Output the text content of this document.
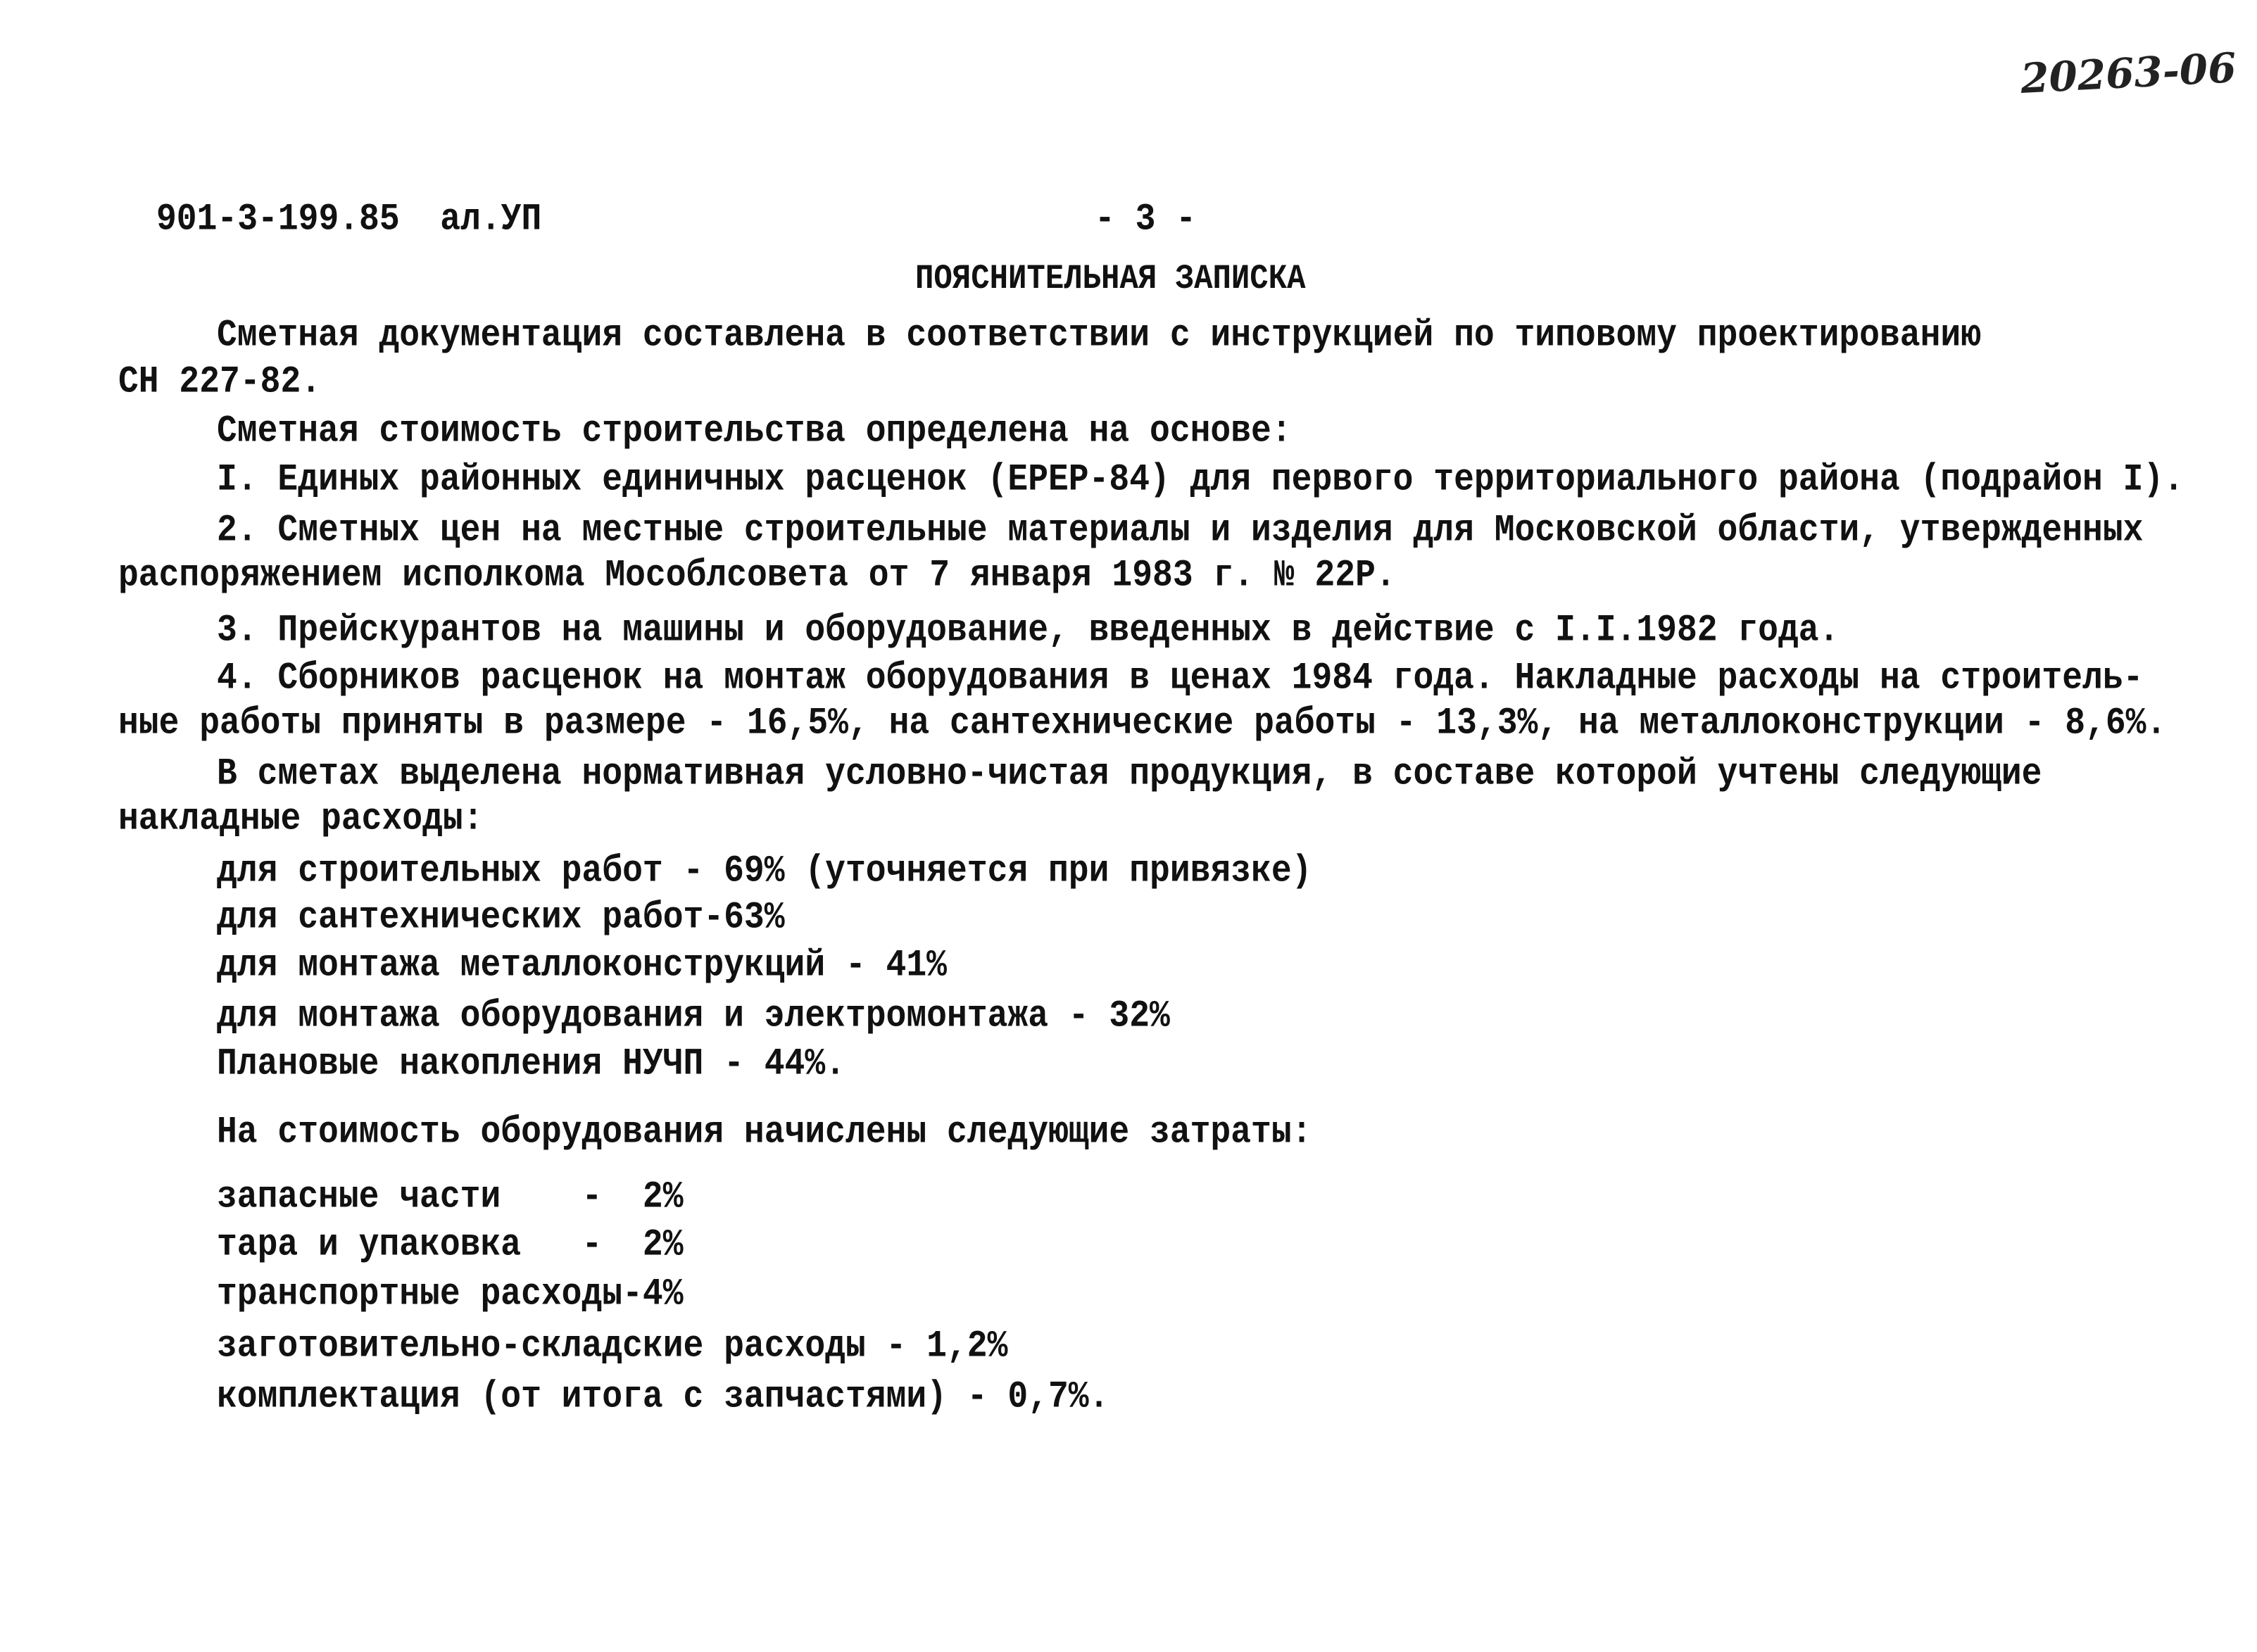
20263-06
901-3-199.85  ал.УП	- 3 -
ПОЯСНИТЕЛЬНАЯ ЗАПИСКА
Сметная документация составлена в соответствии с инструкцией по типовому проектированию
СН 227-82.
Сметная стоимость строительства определена на основе:
I. Единых районных единичных расценок (ЕРЕР-84) для первого территориального района (подрайон I).
2. Сметных цен на местные строительные материалы и изделия для Московской области, утвержденных
распоряжением исполкома Мособлсовета от 7 января 1983 г. № 22Р.
3. Прейскурантов на машины и оборудование, введенных в действие с I.I.1982 года.
4. Сборников расценок на монтаж оборудования в ценах 1984 года. Накладные расходы на строитель-
ные работы приняты в размере - 16,5%, на сантехнические работы - 13,3%, на металлоконструкции - 8,6%.
В сметах выделена нормативная условно-чистая продукция, в составе которой учтены следующие
накладные расходы:
для строительных работ - 69% (уточняется при привязке)
для сантехнических работ-63%
для монтажа металлоконструкций - 41%
для монтажа оборудования и электромонтажа - 32%
Плановые накопления НУЧП - 44%.
На стоимость оборудования начислены следующие затраты:
запасные части    -  2%
тара и упаковка   -  2%
транспортные расходы-4%
заготовительно-складские расходы - 1,2%
комплектация (от итога с запчастями) - 0,7%.
